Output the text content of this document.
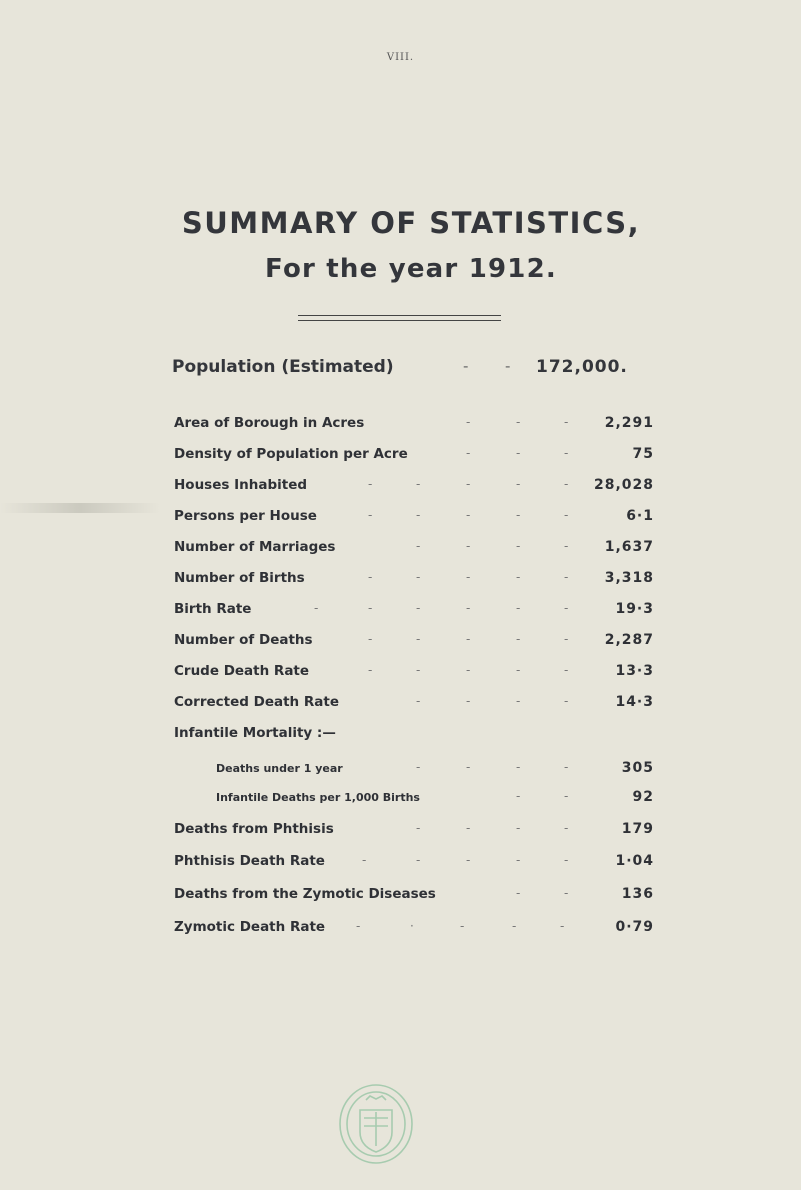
VIII.
SUMMARY OF STATISTICS,
For the year 1912.
Population (Estimated)	- - 172,000.
Area of Borough in Acres	-	-	-	2,291
Density of Population per Acre	-	-	-	75
Houses Inhabited	-	-	-	-	- 28,028
Persons per House	-	-	-	-	-	6·1
Number of Marriages	-	-	-	-	1,637
Number of Births	-	-	-	-	-	3,318
Birth Rate	-	-	-	-	-	-	19·3
Number of Deaths	-	-	-	-	-	2,287
Crude Death Rate	-	-	-	-	-	13·3
Corrected Death Rate	-	-	-	-	14·3
Infantile Mortality :—
Deaths under 1 year	-	-	-	-	305
Infantile Deaths per 1,000 Births	-	-	92
Deaths from Phthisis	-	-	-	-	179
Phthisis Death Rate	-	-	-	-	-	1·04
Deaths from the Zymotic Diseases	-	-	136
Zymotic Death Rate	-	·	-	-	-	0·79
